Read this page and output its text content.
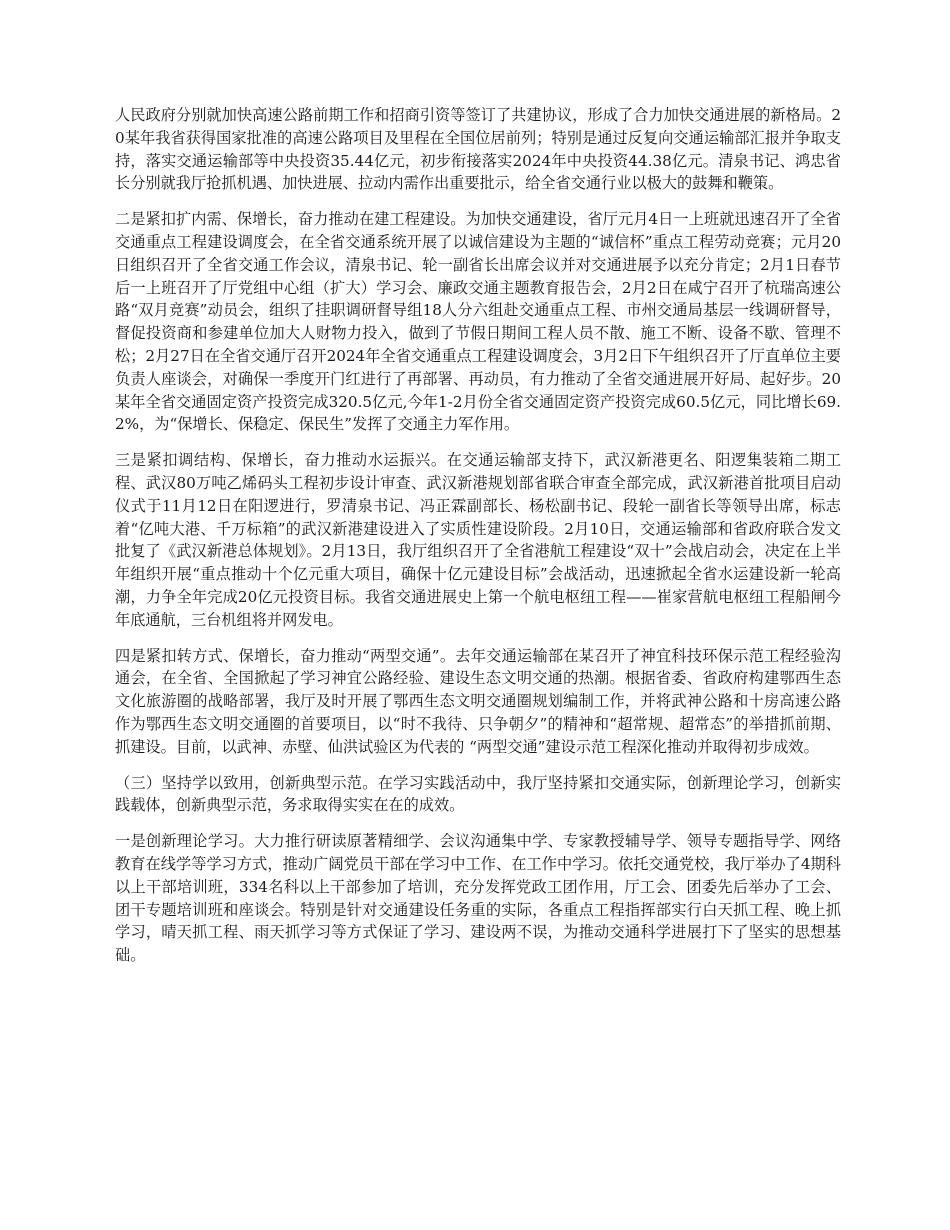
人民政府分别就加快高速公路前期工作和招商引资等签订了共建协议，形成了合力加快交通进展的新格局。20某年我省获得国家批准的高速公路项目及里程在全国位居前列；特别是通过反复向交通运输部汇报并争取支持，落实交通运输部等中央投资35.44亿元，初步衔接落实2024年中央投资44.38亿元。清泉书记、鸿忠省长分别就我厅抢抓机遇、加快进展、拉动内需作出重要批示，给全省交通行业以极大的鼓舞和鞭策。

二是紧扣扩内需、保增长，奋力推动在建工程建设。为加快交通建设，省厅元月4日一上班就迅速召开了全省交通重点工程建设调度会，在全省交通系统开展了以诚信建设为主题的“诚信杯”重点工程劳动竞赛；元月20日组织召开了全省交通工作会议，清泉书记、轮一副省长出席会议并对交通进展予以充分肯定；2月1日春节后一上班召开了厅党组中心组（扩大）学习会、廉政交通主题教育报告会，2月2日在咸宁召开了杭瑞高速公路“双月竞赛”动员会，组织了挂职调研督导组18人分六组赴交通重点工程、市州交通局基层一线调研督导，督促投资商和参建单位加大人财物力投入，做到了节假日期间工程人员不散、施工不断、设备不歇、管理不松；2月27日在全省交通厅召开2024年全省交通重点工程建设调度会，3月2日下午组织召开了厅直单位主要负责人座谈会，对确保一季度开门红进行了再部署、再动员，有力推动了全省交通进展开好局、起好步。20某年全省交通固定资产投资完成320.5亿元,今年1-2月份全省交通固定资产投资完成60.5亿元，同比增长69.2%，为“保增长、保稳定、保民生”发挥了交通主力军作用。

三是紧扣调结构、保增长，奋力推动水运振兴。在交通运输部支持下，武汉新港更名、阳逻集装箱二期工程、武汉80万吨乙烯码头工程初步设计审查、武汉新港规划部省联合审查全部完成，武汉新港首批项目启动仪式于11月12日在阳逻进行，罗清泉书记、冯正霖副部长、杨松副书记、段轮一副省长等领导出席，标志着“亿吨大港、千万标箱”的武汉新港建设进入了实质性建设阶段。2月10日，交通运输部和省政府联合发文批复了《武汉新港总体规划》。2月13日，我厅组织召开了全省港航工程建设“双十”会战启动会，决定在上半年组织开展“重点推动十个亿元重大项目，确保十亿元建设目标”会战活动，迅速掀起全省水运建设新一轮高潮，力争全年完成20亿元投资目标。我省交通进展史上第一个航电枢纽工程——崔家营航电枢纽工程船闸今年底通航，三台机组将并网发电。

四是紧扣转方式、保增长，奋力推动“两型交通”。去年交通运输部在某召开了神宜科技环保示范工程经验沟通会，在全省、全国掀起了学习神宜公路经验、建设生态文明交通的热潮。根据省委、省政府构建鄂西生态文化旅游圈的战略部署，我厅及时开展了鄂西生态文明交通圈规划编制工作，并将武神公路和十房高速公路作为鄂西生态文明交通圈的首要项目，以“时不我待、只争朝夕”的精神和“超常规、超常态”的举措抓前期、抓建设。目前，以武神、赤壁、仙洪试验区为代表的 “两型交通”建设示范工程深化推动并取得初步成效。

（三）坚持学以致用，创新典型示范。在学习实践活动中，我厅坚持紧扣交通实际，创新理论学习，创新实践载体，创新典型示范，务求取得实实在在的成效。

一是创新理论学习。大力推行研读原著精细学、会议沟通集中学、专家教授辅导学、领导专题指导学、网络教育在线学等学习方式，推动广阔党员干部在学习中工作、在工作中学习。依托交通党校，我厅举办了4期科以上干部培训班，334名科以上干部参加了培训，充分发挥党政工团作用，厅工会、团委先后举办了工会、团干专题培训班和座谈会。特别是针对交通建设任务重的实际，各重点工程指挥部实行白天抓工程、晚上抓学习，晴天抓工程、雨天抓学习等方式保证了学习、建设两不误，为推动交通科学进展打下了坚实的思想基础。
